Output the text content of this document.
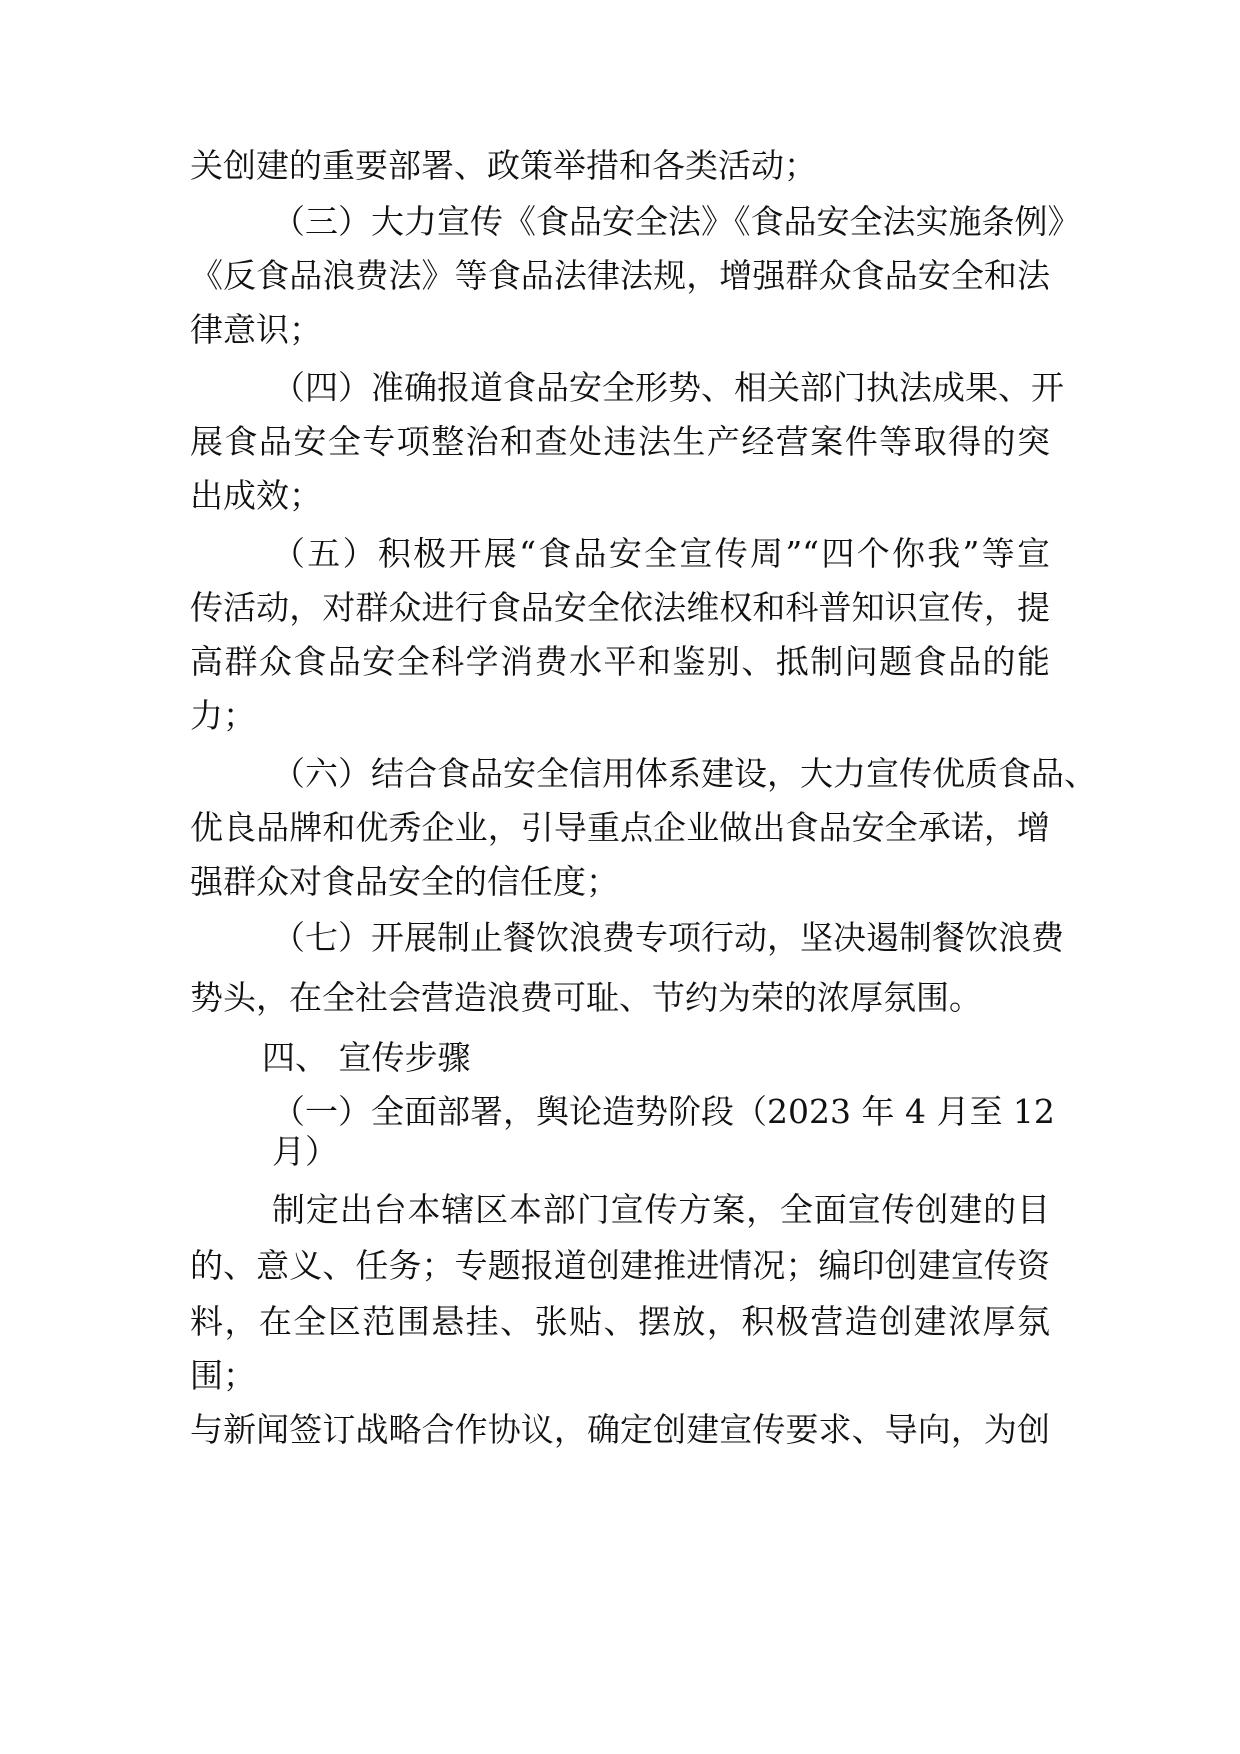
关创建的重要部署、政策举措和各类活动；
（三）大力宣传《食品安全法》《食品安全法实施条例》
《反食品浪费法》等食品法律法规，增强群众食品安全和法
律意识；
（四）准确报道食品安全形势、相关部门执法成果、开
展食品安全专项整治和查处违法生产经营案件等取得的突
出成效；
（五）积极开展“食品安全宣传周”“四个你我”等宣
传活动，对群众进行食品安全依法维权和科普知识宣传，提
高群众食品安全科学消费水平和鉴别、抵制问题食品的能
力；
（六）结合食品安全信用体系建设，大力宣传优质食品、
优良品牌和优秀企业，引导重点企业做出食品安全承诺，增
强群众对食品安全的信任度；
（七）开展制止餐饮浪费专项行动，坚决遏制餐饮浪费
势头，在全社会营造浪费可耻、节约为荣的浓厚氛围。
四、 宣传步骤
（一）全面部署，舆论造势阶段（2023 年 4 月至 12
月）
制定出台本辖区本部门宣传方案，全面宣传创建的目
的、意义、任务；专题报道创建推进情况；编印创建宣传资
料，在全区范围悬挂、张贴、摆放，积极营造创建浓厚氛
围；
与新闻签订战略合作协议，确定创建宣传要求、导向，为创
